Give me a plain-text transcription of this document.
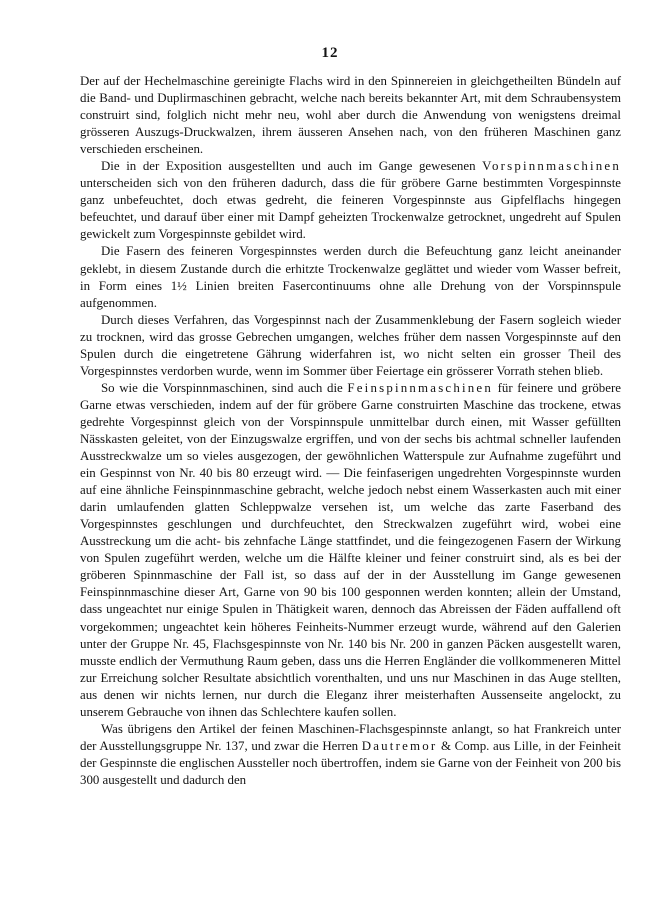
12

Der auf der Hechelmaschine gereinigte Flachs wird in den Spinnereien in gleichgetheilten Bündeln auf die Band- und Duplirmaschinen gebracht, welche nach bereits bekannter Art, mit dem Schraubensystem construirt sind, folglich nicht mehr neu, wohl aber durch die Anwendung von wenigstens dreimal grösseren Auszugs-Druckwalzen, ihrem äusseren Ansehen nach, von den früheren Maschinen ganz verschieden erscheinen.

Die in der Exposition ausgestellten und auch im Gange gewesenen Vorspinnmaschinen unterscheiden sich von den früheren dadurch, dass die für gröbere Garne bestimmten Vorgespinnste ganz unbefeuchtet, doch etwas gedreht, die feineren Vorgespinnste aus Gipfelflachs hingegen befeuchtet, und darauf über einer mit Dampf geheizten Trockenwalze getrocknet, ungedreht auf Spulen gewickelt zum Vorgespinnste gebildet wird.

Die Fasern des feineren Vorgespinnstes werden durch die Befeuchtung ganz leicht aneinander geklebt, in diesem Zustande durch die erhitzte Trockenwalze geglättet und wieder vom Wasser befreit, in Form eines 1½ Linien breiten Fasercontinuums ohne alle Drehung von der Vorspinnspule aufgenommen.

Durch dieses Verfahren, das Vorgespinnst nach der Zusammenklebung der Fasern sogleich wieder zu trocknen, wird das grosse Gebrechen umgangen, welches früher dem nassen Vorgespinnste auf den Spulen durch die eingetretene Gährung widerfahren ist, wo nicht selten ein grosser Theil des Vorgespinnstes verdorben wurde, wenn im Sommer über Feiertage ein grösserer Vorrath stehen blieb.

So wie die Vorspinnmaschinen, sind auch die Feinspinnmaschinen für feinere und gröbere Garne etwas verschieden, indem auf der für gröbere Garne construirten Maschine das trockene, etwas gedrehte Vorgespinnst gleich von der Vorspinnspule unmittelbar durch einen, mit Wasser gefüllten Nässkasten geleitet, von der Einzugswalze ergriffen, und von der sechs bis achtmal schneller laufenden Ausstreckwalze um so vieles ausgezogen, der gewöhnlichen Watterspule zur Aufnahme zugeführt und ein Gespinnst von Nr. 40 bis 80 erzeugt wird. — Die feinfaserigen ungedrehten Vorgespinnste wurden auf eine ähnliche Feinspinnmaschine gebracht, welche jedoch nebst einem Wasserkasten auch mit einer darin umlaufenden glatten Schleppwalze versehen ist, um welche das zarte Faserband des Vorgespinnstes geschlungen und durchfeuchtet, den Streckwalzen zugeführt wird, wobei eine Ausstreckung um die acht- bis zehnfache Länge stattfindet, und die feingezogenen Fasern der Wirkung von Spulen zugeführt werden, welche um die Hälfte kleiner und feiner construirt sind, als es bei der gröberen Spinnmaschine der Fall ist, so dass auf der in der Ausstellung im Gange gewesenen Feinspinnmaschine dieser Art, Garne von 90 bis 100 gesponnen werden konnten; allein der Umstand, dass ungeachtet nur einige Spulen in Thätigkeit waren, dennoch das Abreissen der Fäden auffallend oft vorgekommen; ungeachtet kein höheres Feinheits-Nummer erzeugt wurde, während auf den Galerien unter der Gruppe Nr. 45, Flachsgespinnste von Nr. 140 bis Nr. 200 in ganzen Päcken ausgestellt waren, musste endlich der Vermuthung Raum geben, dass uns die Herren Engländer die vollkommeneren Mittel zur Erreichung solcher Resultate absichtlich vorenthalten, und uns nur Maschinen in das Auge stellten, aus denen wir nichts lernen, nur durch die Eleganz ihrer meisterhaften Aussenseite angelockt, zu unserem Gebrauche von ihnen das Schlechtere kaufen sollen.

Was übrigens den Artikel der feinen Maschinen-Flachsgespinnste anlangt, so hat Frankreich unter der Ausstellungsgruppe Nr. 137, und zwar die Herren Dautremor & Comp. aus Lille, in der Feinheit der Gespinnste die englischen Aussteller noch übertroffen, indem sie Garne von der Feinheit von 200 bis 300 ausgestellt und dadurch den
